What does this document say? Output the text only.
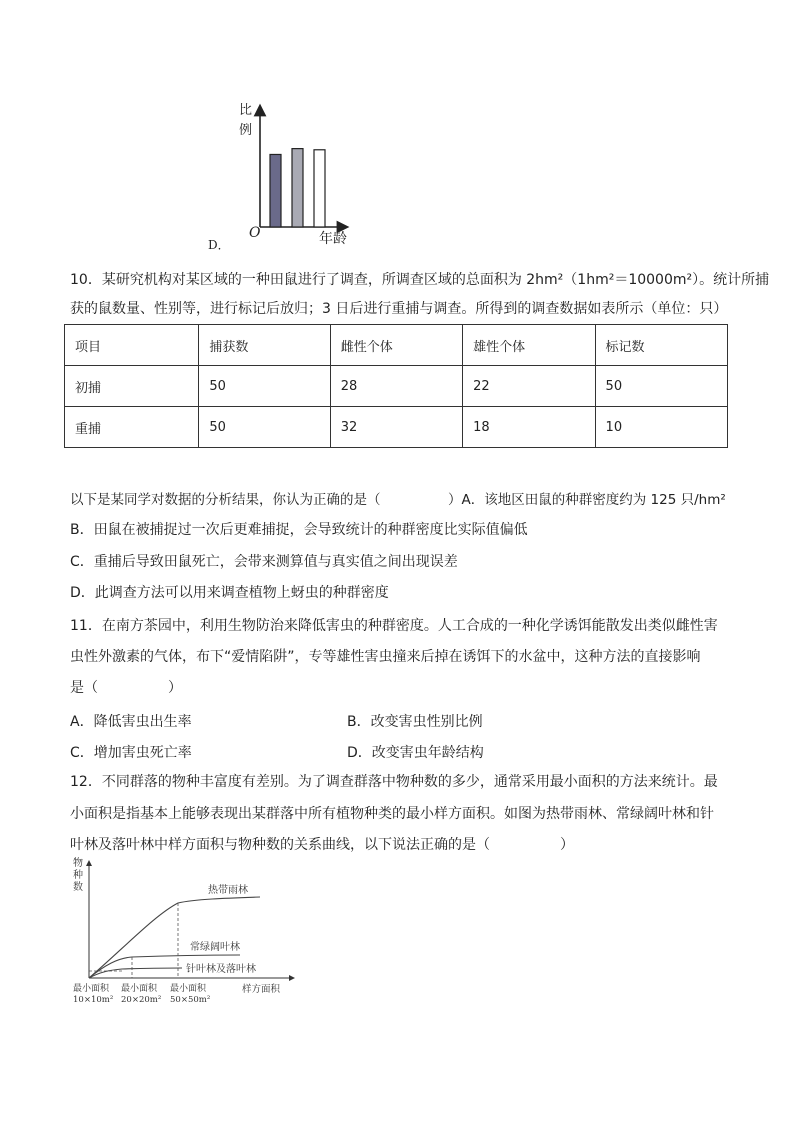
D．
比
例
O	年龄
10．某研究机构对某区域的一种田鼠进行了调查，所调查区域的总面积为 2hm²（1hm²＝10000m²）。统计所捕
获的鼠数量、性别等，进行标记后放归；3 日后进行重捕与调查。所得到的调查数据如表所示（单位：只）
项目	捕获数	雌性个体	雄性个体	标记数
初捕	50	28	22	50
重捕	50	32	18	10
以下是某同学对数据的分析结果，你认为正确的是（　　　　　）A．该地区田鼠的种群密度约为 125 只/hm²
B．田鼠在被捕捉过一次后更难捕捉，会导致统计的种群密度比实际值偏低
C．重捕后导致田鼠死亡，会带来测算值与真实值之间出现误差
D．此调查方法可以用来调查植物上蚜虫的种群密度
11．在南方茶园中，利用生物防治来降低害虫的种群密度。人工合成的一种化学诱饵能散发出类似雌性害
虫性外激素的气体，布下“爱情陷阱”，专等雄性害虫撞来后掉在诱饵下的水盆中，这种方法的直接影响
是（　　　　　）
A．降低害虫出生率	B．改变害虫性别比例
C．增加害虫死亡率	D．改变害虫年龄结构
12．不同群落的物种丰富度有差别。为了调查群落中物种数的多少，通常采用最小面积的方法来统计。最
小面积是指基本上能够表现出某群落中所有植物种类的最小样方面积。如图为热带雨林、常绿阔叶林和针
叶林及落叶林中样方面积与物种数的关系曲线，以下说法正确的是（　　　　　）
物
种
数	热带雨林
常绿阔叶林
针叶林及落叶林
最小面积 最小面积 最小面积
10×10m² 20×20m² 50×50m²
样方面积
